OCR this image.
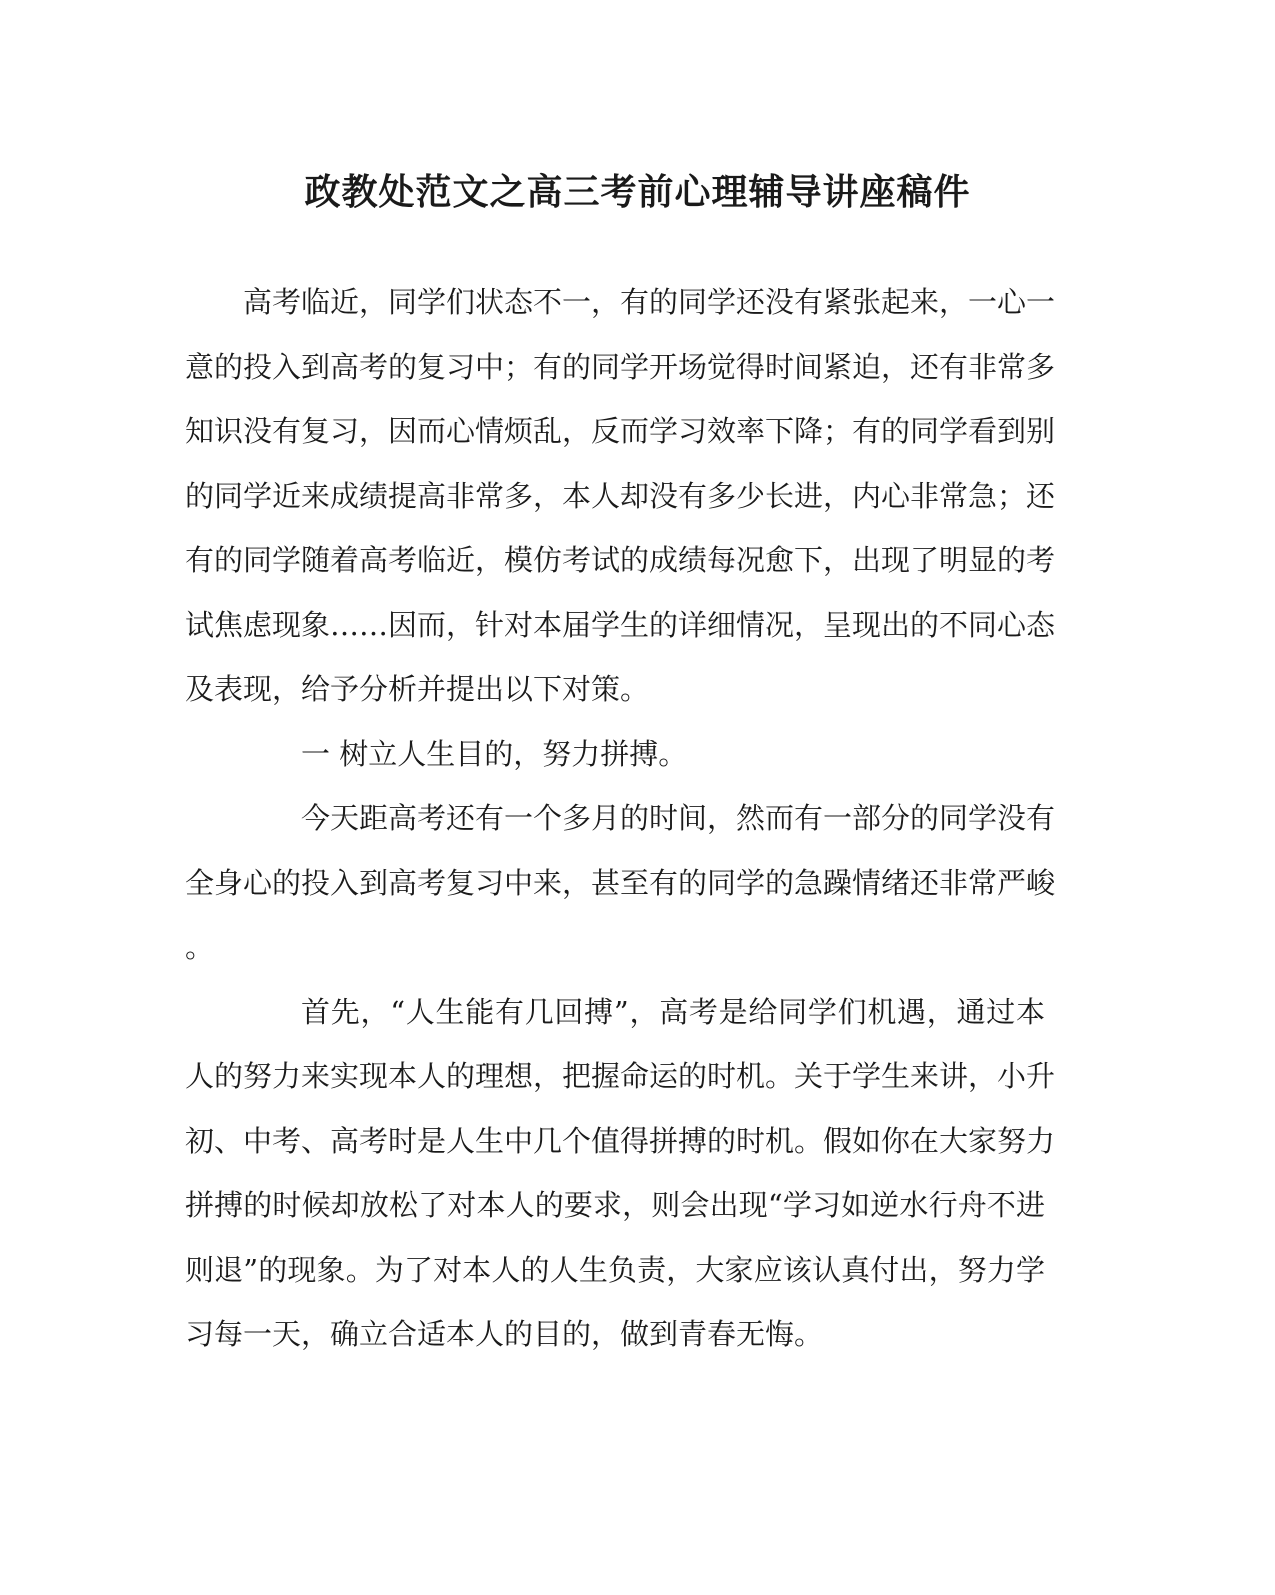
政教处范文之高三考前心理辅导讲座稿件
高考临近，同学们状态不一，有的同学还没有紧张起来，一心一
意的投入到高考的复习中；有的同学开场觉得时间紧迫，还有非常多
知识没有复习，因而心情烦乱，反而学习效率下降；有的同学看到别
的同学近来成绩提高非常多，本人却没有多少长进，内心非常急；还
有的同学随着高考临近，模仿考试的成绩每况愈下，出现了明显的考
试焦虑现象……因而，针对本届学生的详细情况，呈现出的不同心态
及表现，给予分析并提出以下对策。
一 树立人生目的，努力拼搏。
今天距高考还有一个多月的时间，然而有一部分的同学没有
全身心的投入到高考复习中来，甚至有的同学的急躁情绪还非常严峻
。
首先，“人生能有几回搏”，高考是给同学们机遇，通过本
人的努力来实现本人的理想，把握命运的时机。关于学生来讲，小升
初、中考、高考时是人生中几个值得拼搏的时机。假如你在大家努力
拼搏的时候却放松了对本人的要求，则会出现“学习如逆水行舟不进
则退”的现象。为了对本人的人生负责，大家应该认真付出，努力学
习每一天，确立合适本人的目的，做到青春无悔。
